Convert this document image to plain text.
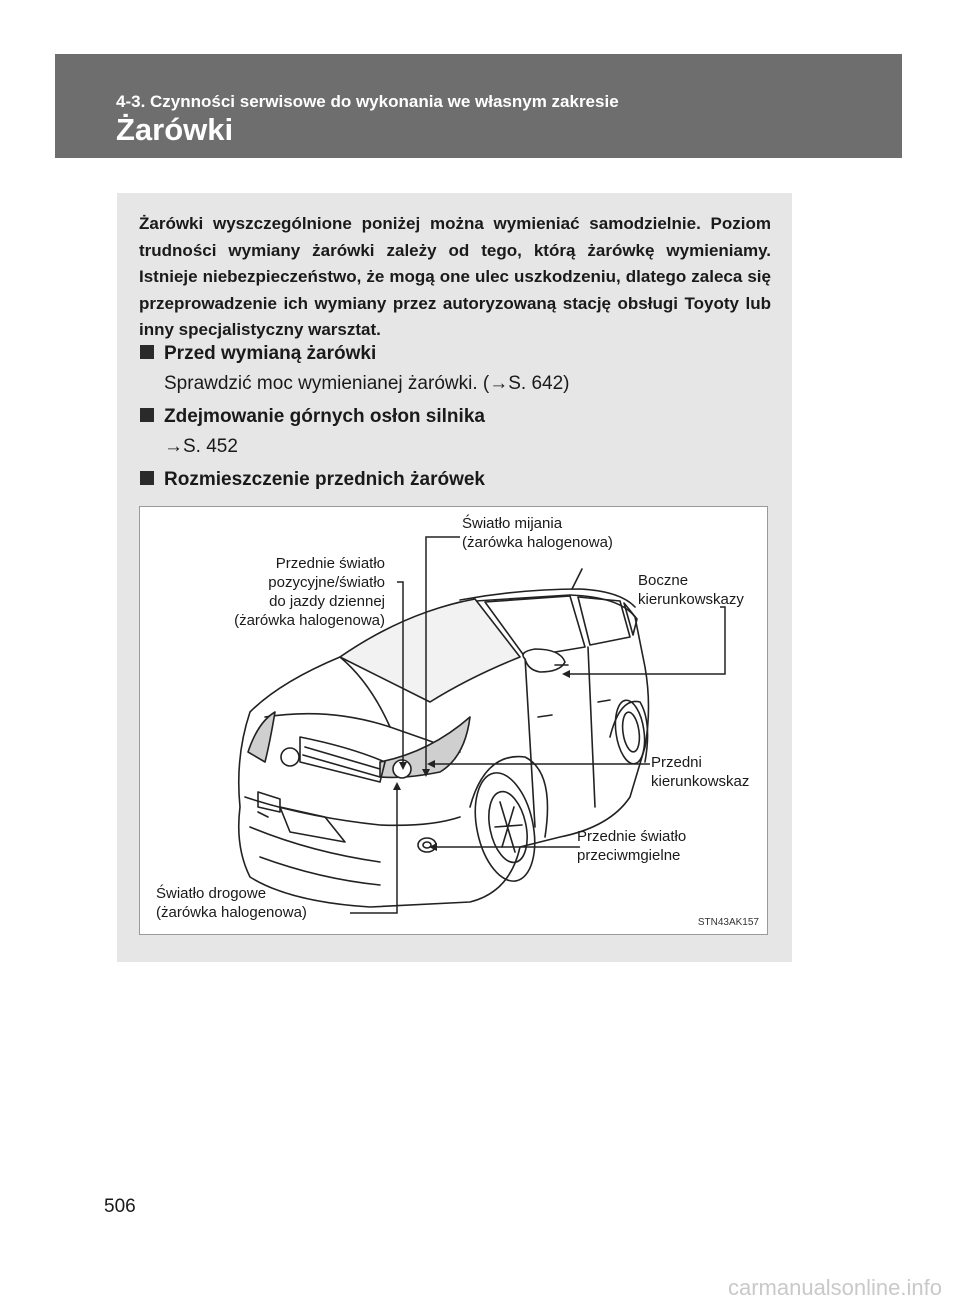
4-3. Czynności serwisowe do wykonania we własnym zakresie
Żarówki
Żarówki wyszczególnione poniżej można wymieniać samodzielnie. Poziom trudności wymiany żarówki zależy od tego, którą żarówkę wymieniamy. Istnieje niebezpieczeństwo, że mogą one ulec uszkodzeniu, dlatego zaleca się przeprowadzenie ich wymiany przez autoryzowaną stację obsługi Toyoty lub inny specjalistyczny warsztat.
Przed wymianą żarówki
Sprawdzić moc wymienianej żarówki. (→S. 642)
Zdejmowanie górnych osłon silnika
→S. 452
Rozmieszczenie przednich żarówek
Światło mijania
(żarówka halogenowa)
Przednie światło
pozycyjne/światło
do jazdy dziennej
(żarówka halogenowa)
Boczne
kierunkowskazy
Przedni
kierunkowskaz
Przednie światło
przeciwmgielne
Światło drogowe
(żarówka halogenowa)
STN43AK157
506
carmanualsonline.info
